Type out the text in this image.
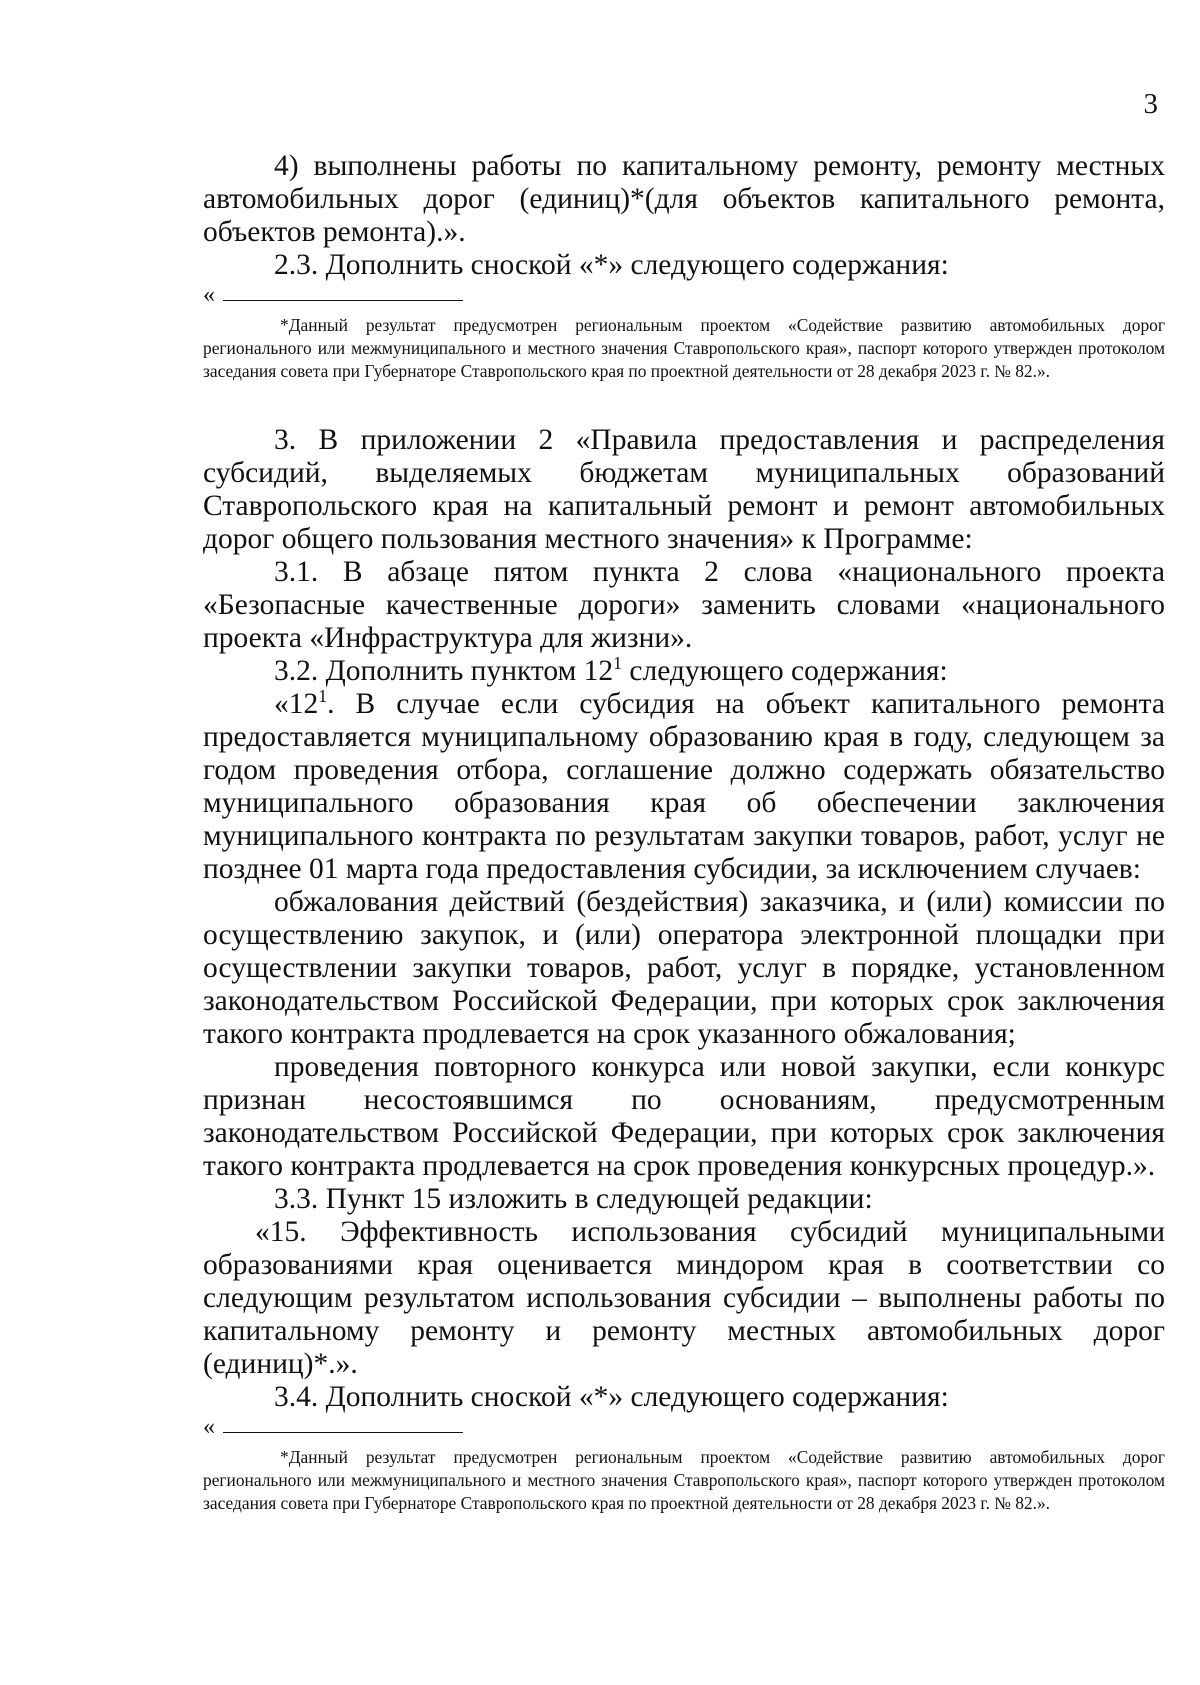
3

4) выполнены работы по капитальному ремонту, ремонту местных автомобильных дорог (единиц)*(для объектов капитального ремонта, объектов ремонта).».

2.3. Дополнить сноской «*» следующего содержания:

«

*Данный результат предусмотрен региональным проектом «Содействие развитию автомобильных дорог регионального или межмуниципального и местного значения Ставропольского края», паспорт которого утвержден протоколом заседания совета при Губернаторе Ставропольского края по проектной деятельности от 28 декабря 2023 г. № 82.».

3. В приложении 2 «Правила предоставления и распределения субсидий, выделяемых бюджетам муниципальных образований Ставропольского края на капитальный ремонт и ремонт автомобильных дорог общего пользования местного значения» к Программе:

3.1. В абзаце пятом пункта 2 слова «национального проекта «Безопасные качественные дороги» заменить словами «национального проекта «Инфраструктура для жизни».

3.2. Дополнить пунктом $12^1$ следующего содержания:

«$12^1$. В случае если субсидия на объект капитального ремонта предоставляется муниципальному образованию края в году, следующем за годом проведения отбора, соглашение должно содержать обязательство муниципального образования края об обеспечении заключения муниципального контракта по результатам закупки товаров, работ, услуг не позднее 01 марта года предоставления субсидии, за исключением случаев:

обжалования действий (бездействия) заказчика, и (или) комиссии по осуществлению закупок, и (или) оператора электронной площадки при осуществлении закупки товаров, работ, услуг в порядке, установленном законодательством Российской Федерации, при которых срок заключения такого контракта продлевается на срок указанного обжалования;

проведения повторного конкурса или новой закупки, если конкурс признан несостоявшимся по основаниям, предусмотренным законодательством Российской Федерации, при которых срок заключения такого контракта продлевается на срок проведения конкурсных процедур.».

3.3. Пункт 15 изложить в следующей редакции:

«15. Эффективность использования субсидий муниципальными образованиями края оценивается миндором края в соответствии со следующим результатом использования субсидии – выполнены работы по капитальному ремонту и ремонту местных автомобильных дорог (единиц)*.».

3.4. Дополнить сноской «*» следующего содержания:

«

*Данный результат предусмотрен региональным проектом «Содействие развитию автомобильных дорог регионального или межмуниципального и местного значения Ставропольского края», паспорт которого утвержден протоколом заседания совета при Губернаторе Ставропольского края по проектной деятельности от 28 декабря 2023 г. № 82.».
